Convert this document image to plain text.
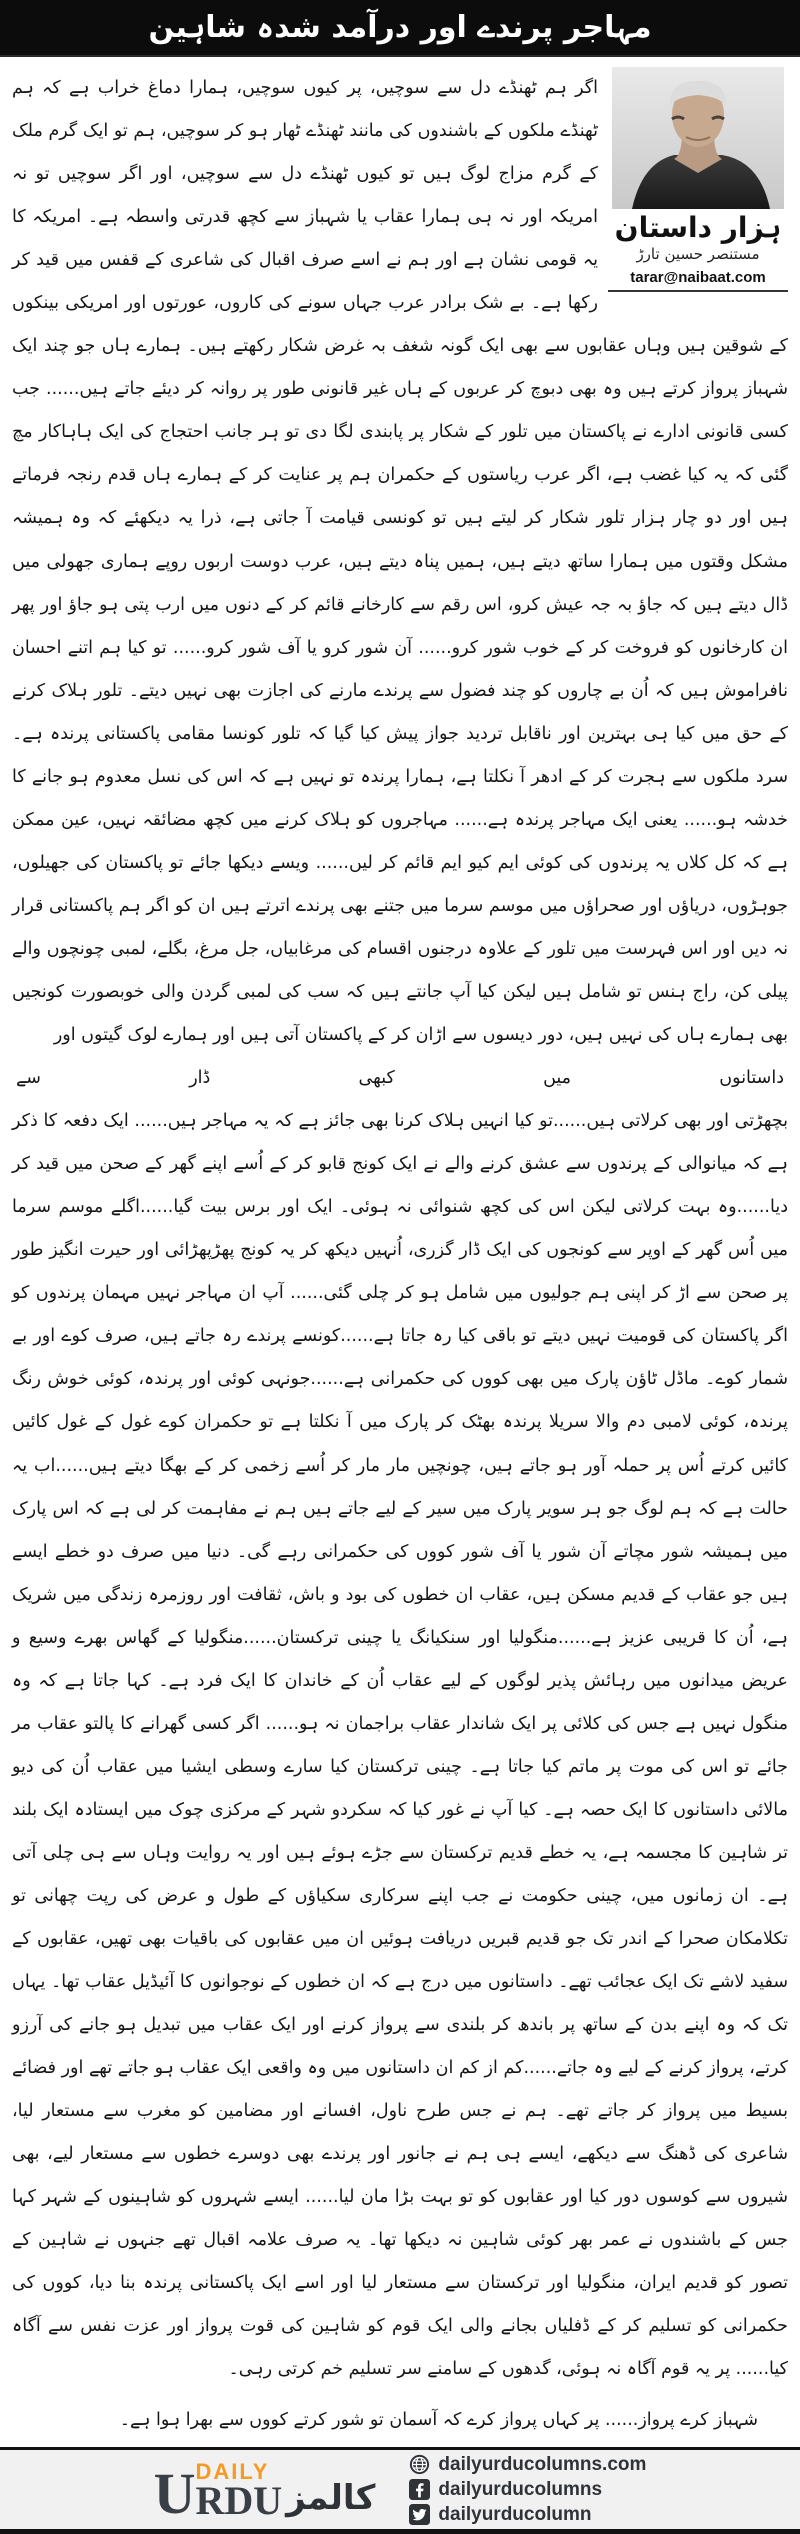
مہاجر پرندے اور درآمد شدہ شاہین
ہزار داستان
مستنصر حسین تارڑ
tarar@naibaat.com
اگر ہم ٹھنڈے دل سے سوچیں، پر کیوں سوچیں، ہمارا دماغ خراب ہے کہ ہم ٹھنڈے ملکوں کے باشندوں کی مانند ٹھنڈے ٹھار ہو کر سوچیں، ہم تو ایک گرم ملک کے گرم مزاج لوگ ہیں تو کیوں ٹھنڈے دل سے سوچیں، اور اگر سوچیں تو نہ امریکہ اور نہ ہی ہمارا عقاب یا شہباز سے کچھ قدرتی واسطہ ہے۔ امریکہ کا یہ قومی نشان ہے اور ہم نے اسے صرف اقبال کی شاعری کے قفس میں قید کر رکھا ہے۔ بے شک برادر عرب جہاں سونے کی کاروں، عورتوں اور امریکی بینکوں کے شوقین ہیں وہاں عقابوں سے بھی ایک گونہ شغف بہ غرض شکار رکھتے ہیں۔ ہمارے ہاں جو چند ایک شہباز پرواز کرتے ہیں وہ بھی دبوچ کر عربوں کے ہاں غیر قانونی طور پر روانہ کر دیئے جاتے ہیں...... جب کسی قانونی ادارے نے پاکستان میں تلور کے شکار پر پابندی لگا دی تو ہر جانب احتجاج کی ایک ہاہاکار مچ گئی کہ یہ کیا غضب ہے، اگر عرب ریاستوں کے حکمران ہم پر عنایت کر کے ہمارے ہاں قدم رنجہ فرماتے ہیں اور دو چار ہزار تلور شکار کر لیتے ہیں تو کونسی قیامت آ جاتی ہے، ذرا یہ دیکھئے کہ وہ ہمیشہ مشکل وقتوں میں ہمارا ساتھ دیتے ہیں، ہمیں پناہ دیتے ہیں، عرب دوست اربوں روپے ہماری جھولی میں ڈال دیتے ہیں کہ جاؤ بہ جہ عیش کرو، اس رقم سے کارخانے قائم کر کے دنوں میں ارب پتی ہو جاؤ اور پھر ان کارخانوں کو فروخت کر کے خوب شور کرو...... آن شور کرو یا آف شور کرو...... تو کیا ہم اتنے احسان نافراموش ہیں کہ اُن بے چاروں کو چند فضول سے پرندے مارنے کی اجازت بھی نہیں دیتے۔ تلور ہلاک کرنے کے حق میں کیا ہی بہترین اور ناقابل تردید جواز پیش کیا گیا کہ تلور کونسا مقامی پاکستانی پرندہ ہے۔ سرد ملکوں سے ہجرت کر کے ادھر آ نکلتا ہے، ہمارا پرندہ تو نہیں ہے کہ اس کی نسل معدوم ہو جانے کا خدشہ ہو...... یعنی ایک مہاجر پرندہ ہے...... مہاجروں کو ہلاک کرنے میں کچھ مضائقہ نہیں، عین ممکن ہے کہ کل کلاں یہ پرندوں کی کوئی ایم کیو ایم قائم کر لیں...... ویسے دیکھا جائے تو پاکستان کی جھیلوں، جوہڑوں، دریاؤں اور صحراؤں میں موسم سرما میں جتنے بھی پرندے اترتے ہیں ان کو اگر ہم پاکستانی قرار نہ دیں اور اس فہرست میں تلور کے علاوہ درجنوں اقسام کی مرغابیاں، جل مرغ، بگلے، لمبی چونچوں والے پیلی کن، راج ہنس تو شامل ہیں لیکن کیا آپ جانتے ہیں کہ سب کی لمبی گردن والی خوبصورت کونجیں بھی ہمارے ہاں کی نہیں ہیں، دور دیسوں سے اڑان کر کے پاکستان آتی ہیں اور ہمارے لوک گیتوں اور
داستانوں
میں
کبھی
ڈار
سے
بچھڑتی اور بھی کرلاتی ہیں......تو کیا انہیں ہلاک کرنا بھی جائز ہے کہ یہ مہاجر ہیں...... ایک دفعہ کا ذکر ہے کہ میانوالی کے پرندوں سے عشق کرنے والے نے ایک کونج قابو کر کے اُسے اپنے گھر کے صحن میں قید کر دیا......وہ بہت کرلاتی لیکن اس کی کچھ شنوائی نہ ہوئی۔ ایک اور برس بیت گیا......اگلے موسم سرما میں اُس گھر کے اوپر سے کونجوں کی ایک ڈار گزری، اُنہیں دیکھ کر یہ کونج پھڑپھڑائی اور حیرت انگیز طور پر صحن سے اڑ کر اپنی ہم جولیوں میں شامل ہو کر چلی گئی...... آپ ان مہاجر نہیں مہمان پرندوں کو اگر پاکستان کی قومیت نہیں دیتے تو باقی کیا رہ جاتا ہے......کونسے پرندے رہ جاتے ہیں، صرف کوے اور بے شمار کوے۔ ماڈل ٹاؤن پارک میں بھی کووں کی حکمرانی ہے......جونہی کوئی اور پرندہ، کوئی خوش رنگ پرندہ، کوئی لامبی دم والا سریلا پرندہ بھٹک کر پارک میں آ نکلتا ہے تو حکمران کوے غول کے غول کائیں کائیں کرتے اُس پر حملہ آور ہو جاتے ہیں، چونچیں مار مار کر اُسے زخمی کر کے بھگا دیتے ہیں......اب یہ حالت ہے کہ ہم لوگ جو ہر سویر پارک میں سیر کے لیے جاتے ہیں ہم نے مفاہمت کر لی ہے کہ اس پارک میں ہمیشہ شور مچاتے آن شور یا آف شور کووں کی حکمرانی رہے گی۔ دنیا میں صرف دو خطے ایسے ہیں جو عقاب کے قدیم مسکن ہیں، عقاب ان خطوں کی بود و باش، ثقافت اور روزمرہ زندگی میں شریک ہے، اُن کا قریبی عزیز ہے......منگولیا اور سنکیانگ یا چینی ترکستان......منگولیا کے گھاس بھرے وسیع و عریض میدانوں میں رہائش پذیر لوگوں کے لیے عقاب اُن کے خاندان کا ایک فرد ہے۔ کہا جاتا ہے کہ وہ منگول نہیں ہے جس کی کلائی پر ایک شاندار عقاب براجمان نہ ہو...... اگر کسی گھرانے کا پالتو عقاب مر جائے تو اس کی موت پر ماتم کیا جاتا ہے۔ چینی ترکستان کیا سارے وسطی ایشیا میں عقاب اُن کی دیو مالائی داستانوں کا ایک حصہ ہے۔ کیا آپ نے غور کیا کہ سکردو شہر کے مرکزی چوک میں ایستادہ ایک بلند تر شاہین کا مجسمہ ہے، یہ خطے قدیم ترکستان سے جڑے ہوئے ہیں اور یہ روایت وہاں سے ہی چلی آتی ہے۔ ان زمانوں میں، چینی حکومت نے جب اپنے سرکاری سکیاؤں کے طول و عرض کی رپت چھانی تو تکلامکان صحرا کے اندر تک جو قدیم قبریں دریافت ہوئیں ان میں عقابوں کی باقیات بھی تھیں، عقابوں کے سفید لاشے تک ایک عجائب تھے۔ داستانوں میں درج ہے کہ ان خطوں کے نوجوانوں کا آئیڈیل عقاب تھا۔ یہاں تک کہ وہ اپنے بدن کے ساتھ پر باندھ کر بلندی سے پرواز کرنے اور ایک عقاب میں تبدیل ہو جانے کی آرزو کرتے، پرواز کرنے کے لیے وہ جاتے......کم از کم ان داستانوں میں وہ واقعی ایک عقاب ہو جاتے تھے اور فضائے بسیط میں پرواز کر جاتے تھے۔ ہم نے جس طرح ناول، افسانے اور مضامین کو مغرب سے مستعار لیا، شاعری کی ڈھنگ سے دیکھے، ایسے ہی ہم نے جانور اور پرندے بھی دوسرے خطوں سے مستعار لیے، بھی شیروں سے کوسوں دور کیا اور عقابوں کو تو بہت بڑا مان لیا...... ایسے شہروں کو شاہینوں کے شہر کہا جس کے باشندوں نے عمر بھر کوئی شاہین نہ دیکھا تھا۔ یہ صرف علامہ اقبال تھے جنہوں نے شاہین کے تصور کو قدیم ایران، منگولیا اور ترکستان سے مستعار لیا اور اسے ایک پاکستانی پرندہ بنا دیا، کووں کی حکمرانی کو تسلیم کر کے ڈفلیاں بجانے والی ایک قوم کو شاہین کی قوت پرواز اور عزت نفس سے آگاہ کیا...... پر یہ قوم آگاہ نہ ہوئی، گدھوں کے سامنے سر تسلیم خم کرتی رہی۔
شہباز کرے پرواز...... پر کہاں پرواز کرے کہ آسمان تو شور کرتے کووں سے بھرا ہوا ہے۔
U DAILY
RDU کالمز
dailyurducolumns.com
dailyurducolumns
dailyurducolumn
